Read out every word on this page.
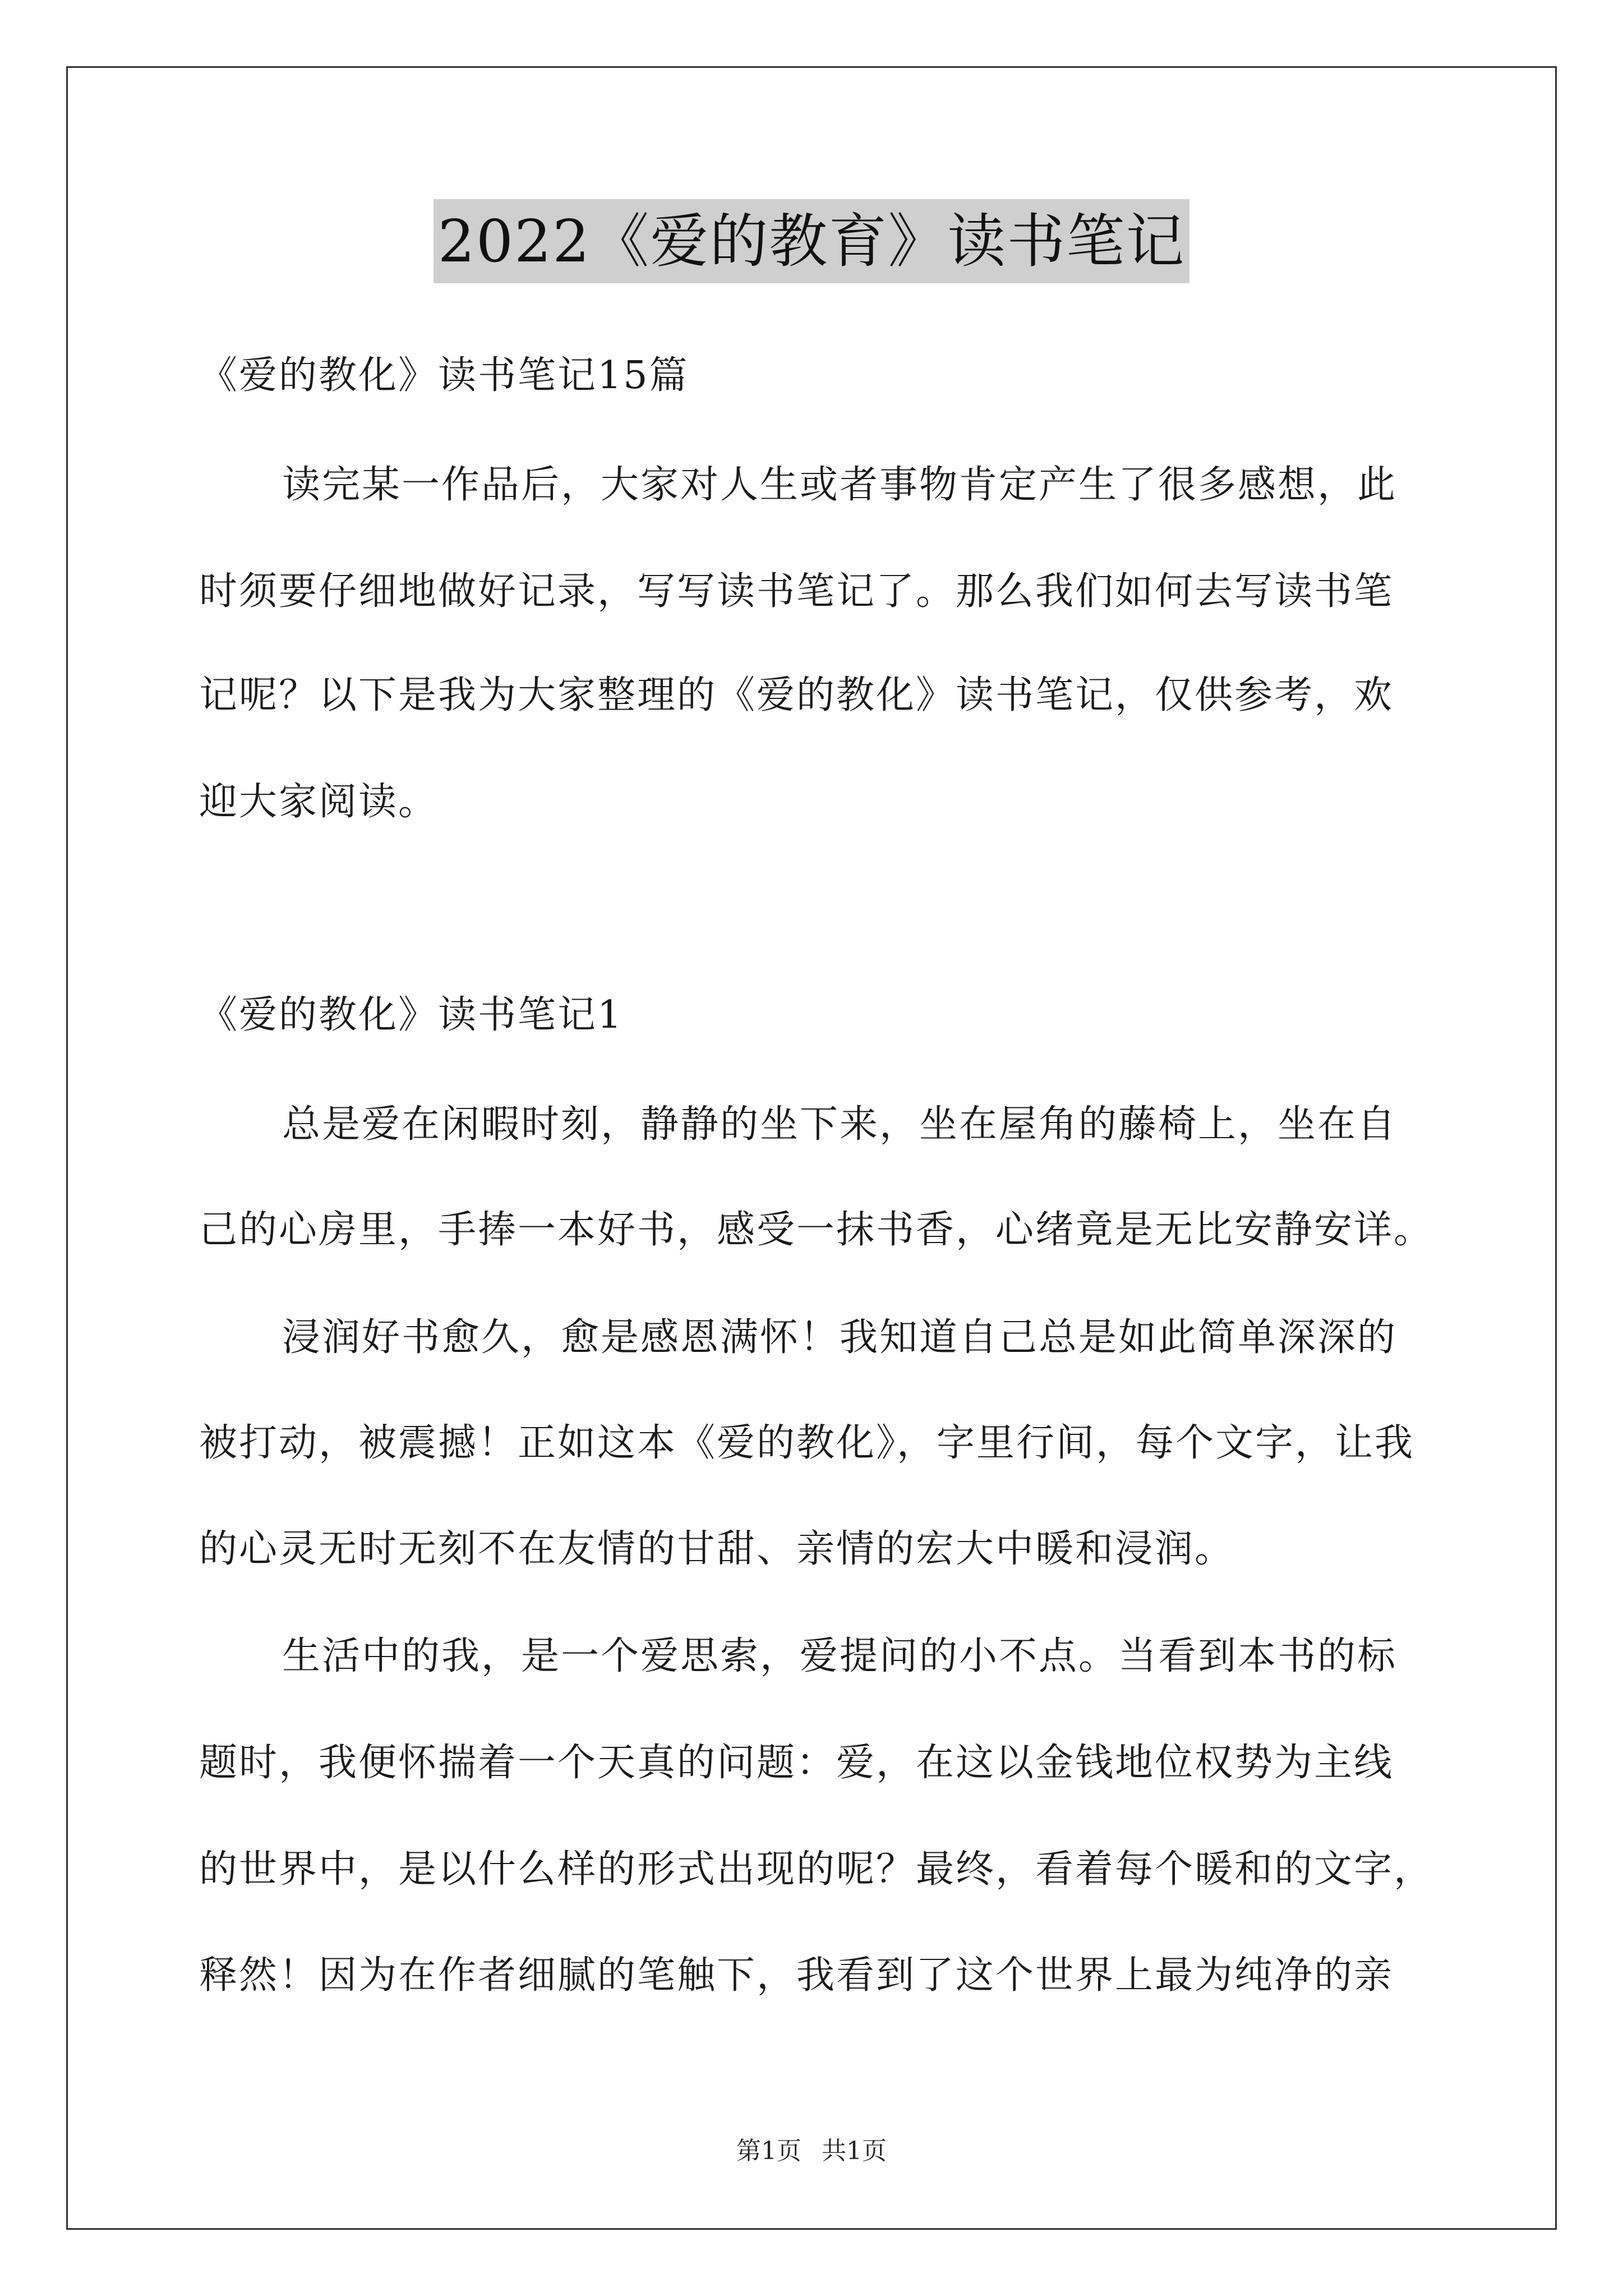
2022《爱的教育》读书笔记
《爱的教化》读书笔记15篇
读完某一作品后，大家对人生或者事物肯定产生了很多感想，此
时须要仔细地做好记录，写写读书笔记了。那么我们如何去写读书笔
记呢？以下是我为大家整理的《爱的教化》读书笔记，仅供参考，欢
迎大家阅读。
《爱的教化》读书笔记1
总是爱在闲暇时刻，静静的坐下来，坐在屋角的藤椅上，坐在自
己的心房里，手捧一本好书，感受一抹书香，心绪竟是无比安静安详。
浸润好书愈久，愈是感恩满怀！我知道自己总是如此简单深深的
被打动，被震撼！正如这本《爱的教化》，字里行间，每个文字，让我
的心灵无时无刻不在友情的甘甜、亲情的宏大中暖和浸润。
生活中的我，是一个爱思索，爱提问的小不点。当看到本书的标
题时，我便怀揣着一个天真的问题：爱，在这以金钱地位权势为主线
的世界中，是以什么样的形式出现的呢？最终，看着每个暖和的文字，
释然！因为在作者细腻的笔触下，我看到了这个世界上最为纯净的亲
第1页 共1页
